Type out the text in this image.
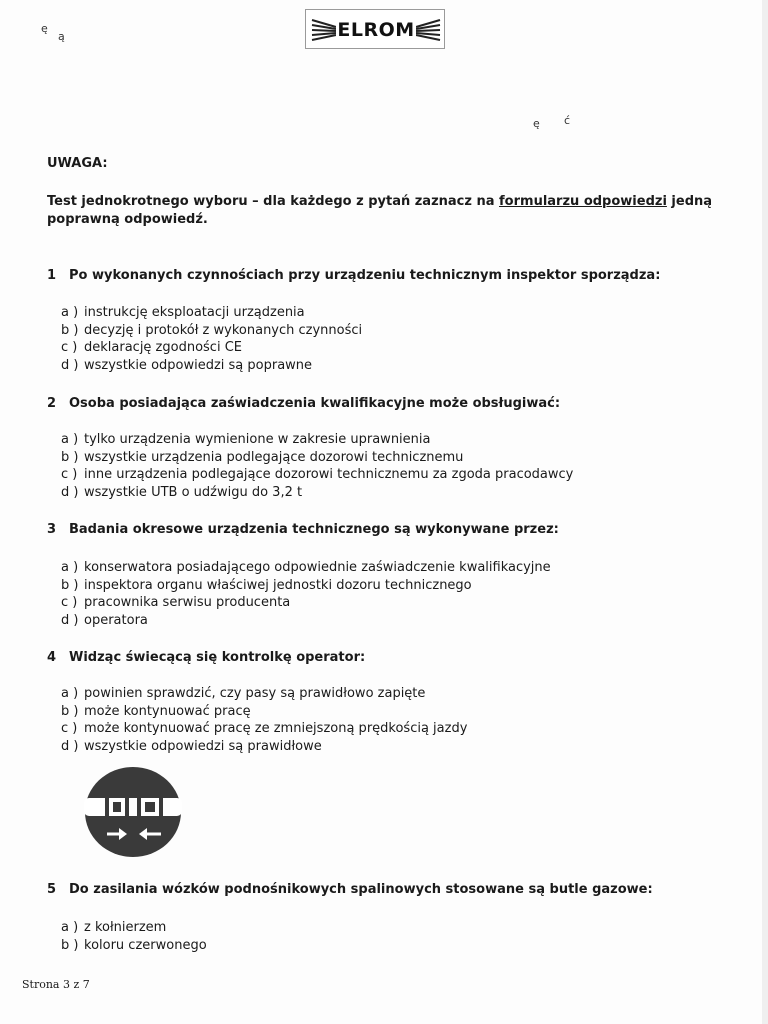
ę
ą	ELROM
ę ć
UWAGA:
Test jednokrotnego wyboru – dla każdego z pytań zaznacz na formularzu odpowiedzi jedną poprawną odpowiedź.
1 Po wykonanych czynnościach przy urządzeniu technicznym inspektor sporządza:
a ) instrukcję eksploatacji urządzenia
b ) decyzję i protokół z wykonanych czynności
c ) deklarację zgodności CE
d ) wszystkie odpowiedzi są poprawne
2 Osoba posiadająca zaświadczenia kwalifikacyjne może obsługiwać:
a ) tylko urządzenia wymienione w zakresie uprawnienia
b ) wszystkie urządzenia podlegające dozorowi technicznemu
c ) inne urządzenia podlegające dozorowi technicznemu za zgoda pracodawcy
d ) wszystkie UTB o udźwigu do 3,2 t
3 Badania okresowe urządzenia technicznego są wykonywane przez:
a ) konserwatora posiadającego odpowiednie zaświadczenie kwalifikacyjne
b ) inspektora organu właściwej jednostki dozoru technicznego
c ) pracownika serwisu producenta
d ) operatora
4 Widząc świecącą się kontrolkę operator:
a ) powinien sprawdzić, czy pasy są prawidłowo zapięte
b ) może kontynuować pracę
c ) może kontynuować pracę ze zmniejszoną prędkością jazdy
d ) wszystkie odpowiedzi są prawidłowe
5 Do zasilania wózków podnośnikowych spalinowych stosowane są butle gazowe:
a ) z kołnierzem
b ) koloru czerwonego
Strona 3 z 7
